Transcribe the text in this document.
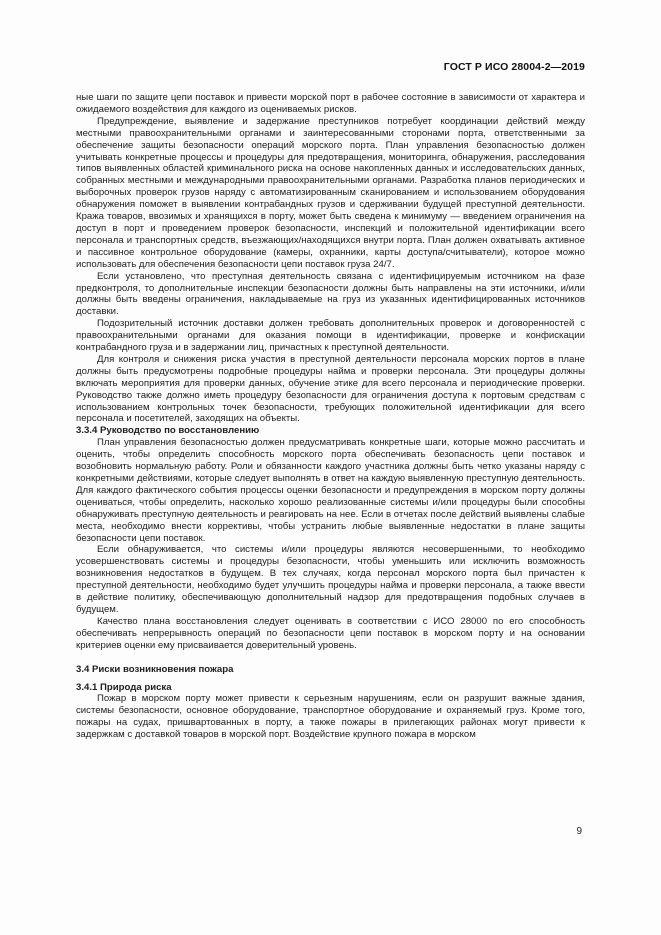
ГОСТ Р ИСО 28004-2—2019

ные шаги по защите цепи поставок и привести морской порт в рабочее состояние в зависимости от характера и ожидаемого воздействия для каждого из оцениваемых рисков.

Предупреждение, выявление и задержание преступников потребует координации действий между местными правоохранительными органами и заинтересованными сторонами порта, ответственными за обеспечение защиты безопасности операций морского порта. План управления безопасностью должен учитывать конкретные процессы и процедуры для предотвращения, мониторинга, обнаружения, расследования типов выявленных областей криминального риска на основе накопленных данных и исследовательских данных, собранных местными и международными правоохранительными органами. Разработка планов периодических и выборочных проверок грузов наряду с автоматизированным сканированием и использованием оборудования обнаружения поможет в выявлении контрабандных грузов и сдерживании будущей преступной деятельности. Кража товаров, ввозимых и хранящихся в порту, может быть сведена к минимуму — введением ограничения на доступ в порт и проведением проверок безопасности, инспекций и положительной идентификации всего персонала и транспортных средств, въезжающих/находящихся внутри порта. План должен охватывать активное и пассивное контрольное оборудование (камеры, охранники, карты доступа/считыватели), которое можно использовать для обеспечения безопасности цепи поставок груза 24/7.

Если установлено, что преступная деятельность связана с идентифицируемым источником на фазе предконтроля, то дополнительные инспекции безопасности должны быть направлены на эти источники, и/или должны быть введены ограничения, накладываемые на груз из указанных идентифицированных источников доставки.

Подозрительный источник доставки должен требовать дополнительных проверок и договоренностей с правоохранительными органами для оказания помощи в идентификации, проверке и конфискации контрабандного груза и в задержании лиц, причастных к преступной деятельности.

Для контроля и снижения риска участия в преступной деятельности персонала морских портов в плане должны быть предусмотрены подробные процедуры найма и проверки персонала. Эти процедуры должны включать мероприятия для проверки данных, обучение этике для всего персонала и периодические проверки. Руководство также должно иметь процедуру безопасности для ограничения доступа к портовым средствам с использованием контрольных точек безопасности, требующих положительной идентификации для всего персонала и посетителей, заходящих на объекты.

3.3.4 Руководство по восстановлению

План управления безопасностью должен предусматривать конкретные шаги, которые можно рассчитать и оценить, чтобы определить способность морского порта обеспечивать безопасность цепи поставок и возобновить нормальную работу. Роли и обязанности каждого участника должны быть четко указаны наряду с конкретными действиями, которые следует выполнять в ответ на каждую выявленную преступную деятельность. Для каждого фактического события процессы оценки безопасности и предупреждения в морском порту должны оцениваться, чтобы определить, насколько хорошо реализованные системы и/или процедуры были способны обнаруживать преступную деятельность и реагировать на нее. Если в отчетах после действий выявлены слабые места, необходимо внести коррективы, чтобы устранить любые выявленные недостатки в плане защиты безопасности цепи поставок.

Если обнаруживается, что системы и/или процедуры являются несовершенными, то необходимо усовершенствовать системы и процедуры безопасности, чтобы уменьшить или исключить возможность возникновения недостатков в будущем. В тех случаях, когда персонал морского порта был причастен к преступной деятельности, необходимо будет улучшить процедуры найма и проверки персонала, а также ввести в действие политику, обеспечивающую дополнительный надзор для предотвращения подобных случаев в будущем.

Качество плана восстановления следует оценивать в соответствии с ИСО 28000 по его способность обеспечивать непрерывность операций по безопасности цепи поставок в морском порту и на основании критериев оценки ему присваивается доверительный уровень.

3.4 Риски возникновения пожара

3.4.1 Природа риска

Пожар в морском порту может привести к серьезным нарушениям, если он разрушит важные здания, системы безопасности, основное оборудование, транспортное оборудование и охраняемый груз. Кроме того, пожары на судах, пришвартованных в порту, а также пожары в прилегающих районах могут привести к задержкам с доставкой товаров в морской порт. Воздействие крупного пожара в морском

9
